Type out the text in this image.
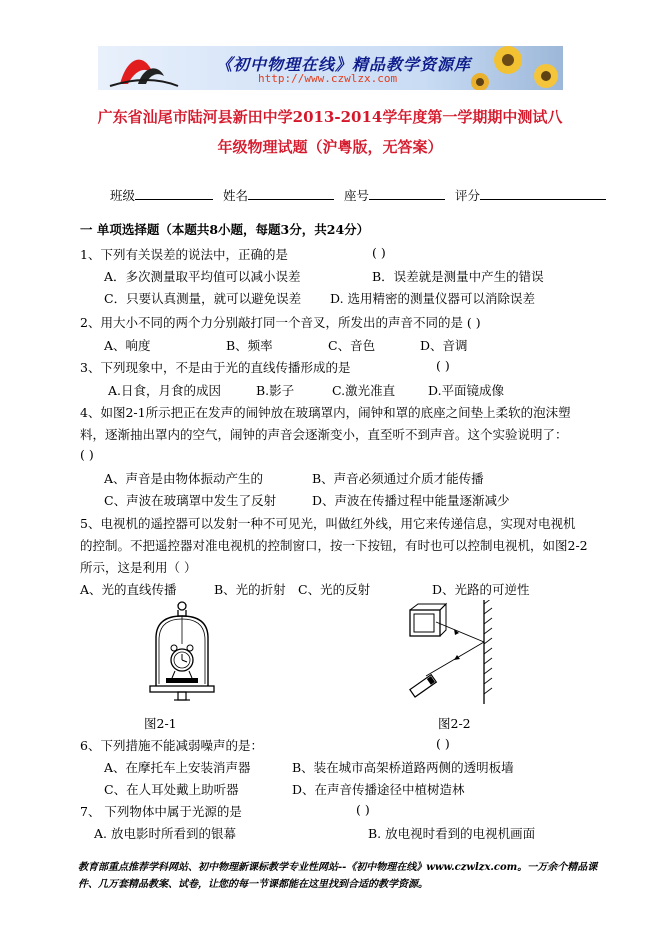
《初中物理在线》精品教学资源库
http://www.czwlzx.com
广东省汕尾市陆河县新田中学2013-2014学年度第一学期期中测试八
年级物理试题（沪粤版，无答案）
班级	姓名	座号	评分
一 单项选择题（本题共8小题，每题3分，共24分）
1、下列有关误差的说法中，正确的是	( )
A．多次测量取平均值可以减小误差	B．误差就是测量中产生的错误
C．只要认真测量，就可以避免误差 D. 选用精密的测量仪器可以消除误差
2、用大小不同的两个力分别敲打同一个音叉，所发出的声音不同的是 ( )
A、响度	B、频率	C、音色	D、音调
3、下列现象中，不是由于光的直线传播形成的是	( )
A.日食，月食的成因	B.影子	C.激光准直	D.平面镜成像
4、如图2-1所示把正在发声的闹钟放在玻璃罩内，闹钟和罩的底座之间垫上柔软的泡沫塑
料，逐渐抽出罩内的空气，闹钟的声音会逐渐变小，直至听不到声音。这个实验说明了：
( )
A、声音是由物体振动产生的	B、声音必须通过介质才能传播
C、声波在玻璃罩中发生了反射	D、声波在传播过程中能量逐渐减少
5、电视机的遥控器可以发射一种不可见光，叫做红外线，用它来传递信息，实现对电视机
的控制。不把遥控器对准电视机的控制窗口，按一下按钮，有时也可以控制电视机，如图2-2
所示，这是利用（ ）
A、光的直线传播	B、光的折射 C、光的反射	D、光路的可逆性
图2-1	图2-2
6、下列措施不能减弱噪声的是：	( )
A、在摩托车上安装消声器	B、装在城市高架桥道路两侧的透明板墙
C、在人耳处戴上助听器	D、在声音传播途径中植树造林
7、 下列物体中属于光源的是	( )
A. 放电影时所看到的银幕	B. 放电视时看到的电视机画面
教育部重点推荐学科网站、初中物理新课标教学专业性网站--《初中物理在线》www.czwlzx.com。一万余个精品课
件、几万套精品教案、试卷，让您的每一节课都能在这里找到合适的教学资源。
